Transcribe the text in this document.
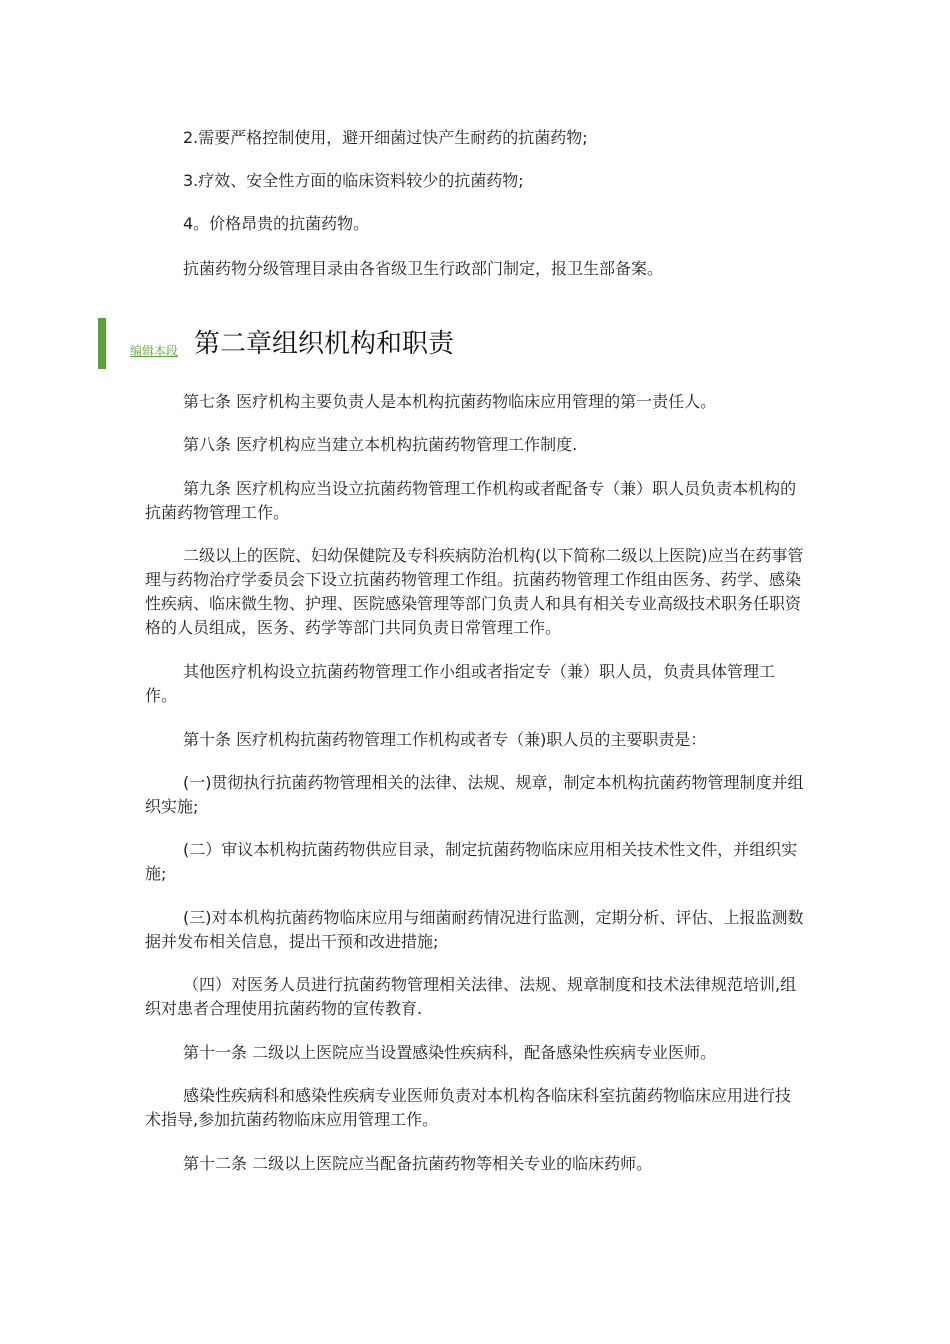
2.需要严格控制使用，避开细菌过快产生耐药的抗菌药物;

3.疗效、安全性方面的临床资料较少的抗菌药物;

4。价格昂贵的抗菌药物。

抗菌药物分级管理目录由各省级卫生行政部门制定，报卫生部备案。

编辑本段 第二章组织机构和职责

第七条 医疗机构主要负责人是本机构抗菌药物临床应用管理的第一责任人。

第八条 医疗机构应当建立本机构抗菌药物管理工作制度.

第九条 医疗机构应当设立抗菌药物管理工作机构或者配备专（兼）职人员负责本机构的抗菌药物管理工作。

二级以上的医院、妇幼保健院及专科疾病防治机构(以下简称二级以上医院)应当在药事管理与药物治疗学委员会下设立抗菌药物管理工作组。抗菌药物管理工作组由医务、药学、感染性疾病、临床微生物、护理、医院感染管理等部门负责人和具有相关专业高级技术职务任职资格的人员组成，医务、药学等部门共同负责日常管理工作。

其他医疗机构设立抗菌药物管理工作小组或者指定专（兼）职人员，负责具体管理工作。

第十条 医疗机构抗菌药物管理工作机构或者专（兼)职人员的主要职责是：

(一)贯彻执行抗菌药物管理相关的法律、法规、规章，制定本机构抗菌药物管理制度并组织实施;

(二）审议本机构抗菌药物供应目录，制定抗菌药物临床应用相关技术性文件，并组织实施;

(三)对本机构抗菌药物临床应用与细菌耐药情况进行监测，定期分析、评估、上报监测数据并发布相关信息，提出干预和改进措施;

（四）对医务人员进行抗菌药物管理相关法律、法规、规章制度和技术法律规范培训,组织对患者合理使用抗菌药物的宣传教育.

第十一条 二级以上医院应当设置感染性疾病科，配备感染性疾病专业医师。

感染性疾病科和感染性疾病专业医师负责对本机构各临床科室抗菌药物临床应用进行技术指导,参加抗菌药物临床应用管理工作。

第十二条 二级以上医院应当配备抗菌药物等相关专业的临床药师。
